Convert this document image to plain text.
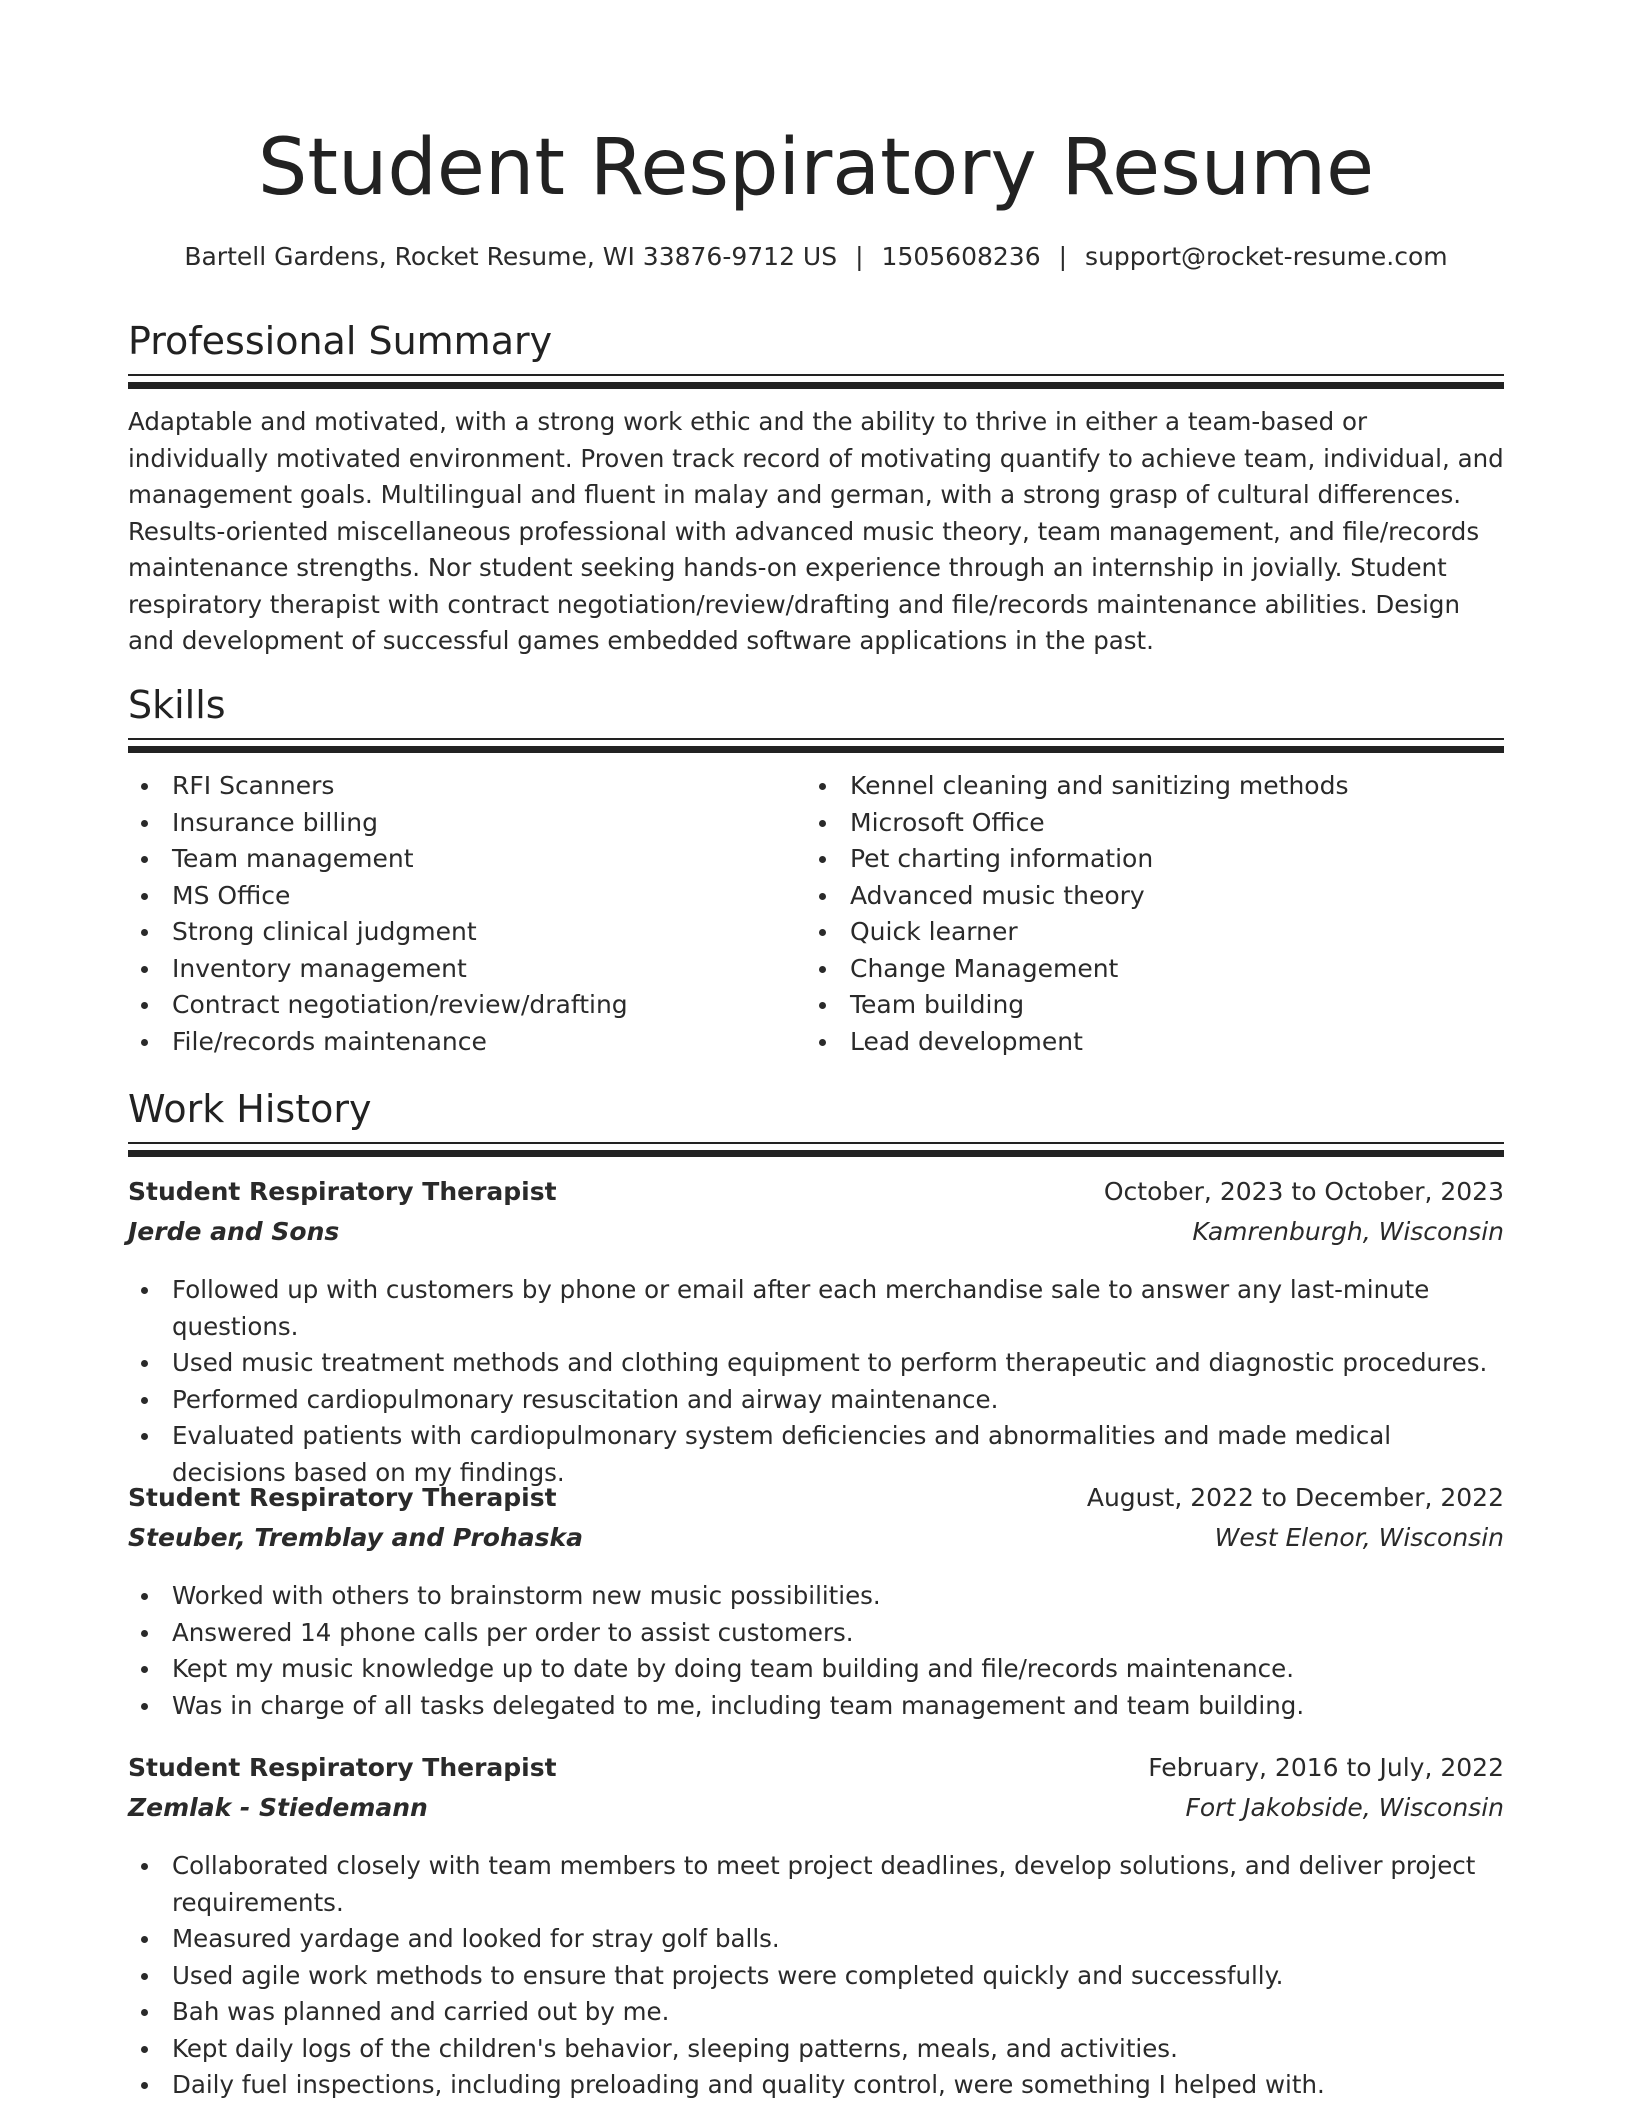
Student Respiratory Resume
Bartell Gardens, Rocket Resume, WI 33876-9712 US | 1505608236 | support@rocket-resume.com
Professional Summary
Adaptable and motivated, with a strong work ethic and the ability to thrive in either a team-based or individually motivated environment. Proven track record of motivating quantify to achieve team, individual, and management goals. Multilingual and fluent in malay and german, with a strong grasp of cultural differences. Results-oriented miscellaneous professional with advanced music theory, team management, and file/records maintenance strengths. Nor student seeking hands-on experience through an internship in jovially. Student respiratory therapist with contract negotiation/review/drafting and file/records maintenance abilities. Design and development of successful games embedded software applications in the past.
Skills
RFI Scanners
Insurance billing
Team management
MS Office
Strong clinical judgment
Inventory management
Contract negotiation/review/drafting
File/records maintenance
Kennel cleaning and sanitizing methods
Microsoft Office
Pet charting information
Advanced music theory
Quick learner
Change Management
Team building
Lead development
Work History
Student Respiratory Therapist	October, 2023 to October, 2023
Jerde and Sons	Kamrenburgh, Wisconsin
Followed up with customers by phone or email after each merchandise sale to answer any last-minute questions.
Used music treatment methods and clothing equipment to perform therapeutic and diagnostic procedures.
Performed cardiopulmonary resuscitation and airway maintenance.
Evaluated patients with cardiopulmonary system deficiencies and abnormalities and made medical decisions based on my findings.
Student Respiratory Therapist	August, 2022 to December, 2022
Steuber, Tremblay and Prohaska	West Elenor, Wisconsin
Worked with others to brainstorm new music possibilities.
Answered 14 phone calls per order to assist customers.
Kept my music knowledge up to date by doing team building and file/records maintenance.
Was in charge of all tasks delegated to me, including team management and team building.
Student Respiratory Therapist	February, 2016 to July, 2022
Zemlak - Stiedemann	Fort Jakobside, Wisconsin
Collaborated closely with team members to meet project deadlines, develop solutions, and deliver project requirements.
Measured yardage and looked for stray golf balls.
Used agile work methods to ensure that projects were completed quickly and successfully.
Bah was planned and carried out by me.
Kept daily logs of the children's behavior, sleeping patterns, meals, and activities.
Daily fuel inspections, including preloading and quality control, were something I helped with.
